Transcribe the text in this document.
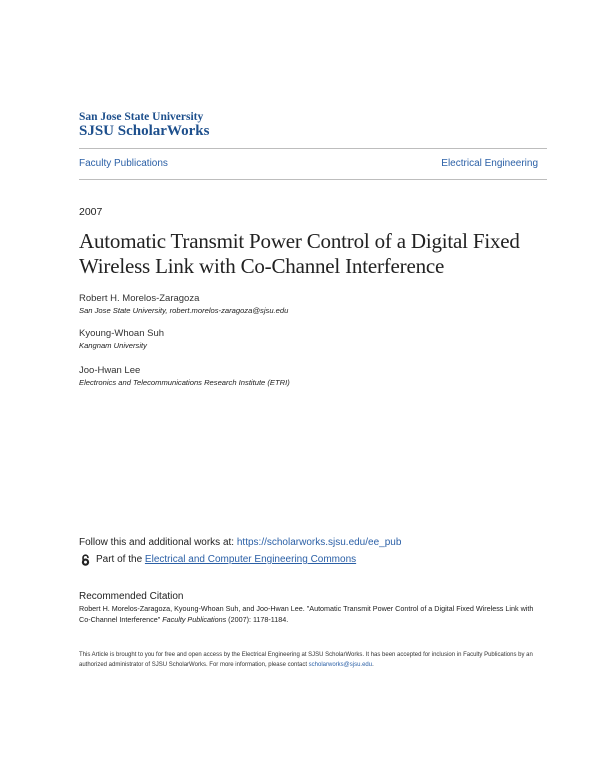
San Jose State University
SJSU ScholarWorks
Faculty Publications	Electrical Engineering
2007
Automatic Transmit Power Control of a Digital Fixed Wireless Link with Co-Channel Interference
Robert H. Morelos-Zaragoza
San Jose State University, robert.morelos-zaragoza@sjsu.edu
Kyoung-Whoan Suh
Kangnam University
Joo-Hwan Lee
Electronics and Telecommunications Research Institute (ETRI)
Follow this and additional works at: https://scholarworks.sjsu.edu/ee_pub
Part of the
Electrical and Computer Engineering Commons
Recommended Citation
Robert H. Morelos-Zaragoza, Kyoung-Whoan Suh, and Joo-Hwan Lee. "Automatic Transmit Power Control of a Digital Fixed Wireless Link with Co-Channel Interference" Faculty Publications (2007): 1178-1184.
This Article is brought to you for free and open access by the Electrical Engineering at SJSU ScholarWorks. It has been accepted for inclusion in Faculty Publications by an authorized administrator of SJSU ScholarWorks. For more information, please contact scholarworks@sjsu.edu.
